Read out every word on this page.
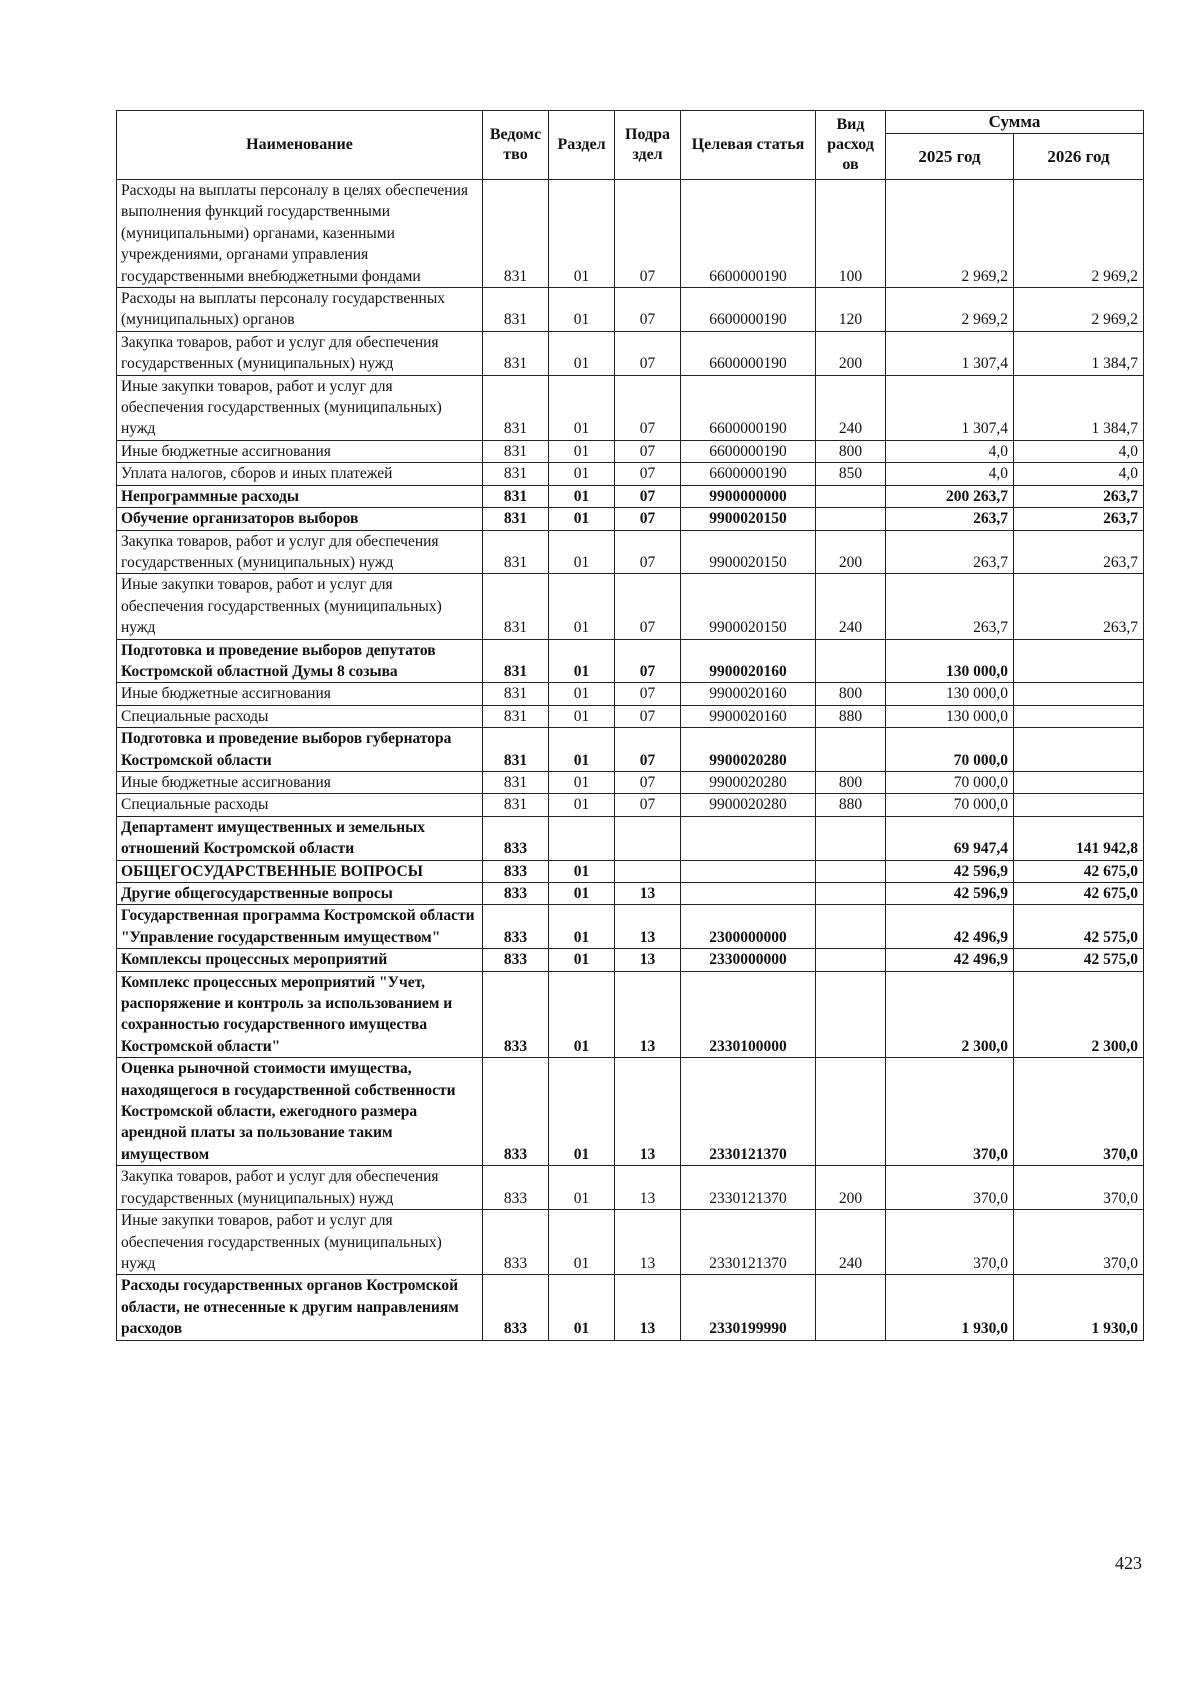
Наименование	Ведомс тво	Раздел	Подра здел	Целевая статья	Вид расход ов	Сумма	
						2025 год	2026 год
Расходы на выплаты персоналу в целях обеспечения выполнения функций государственными (муниципальными) органами, казенными учреждениями, органами управления государственными внебюджетными фондами	831	01	07	6600000190	100	2 969,2	2 969,2
Расходы на выплаты персоналу государственных (муниципальных) органов	831	01	07	6600000190	120	2 969,2	2 969,2
Закупка товаров, работ и услуг для обеспечения государственных (муниципальных) нужд	831	01	07	6600000190	200	1 307,4	1 384,7
Иные закупки товаров, работ и услуг для обеспечения государственных (муниципальных) нужд	831	01	07	6600000190	240	1 307,4	1 384,7
Иные бюджетные ассигнования	831	01	07	6600000190	800	4,0	4,0
Уплата налогов, сборов и иных платежей	831	01	07	6600000190	850	4,0	4,0
Непрограммные расходы	831	01	07	9900000000		200 263,7	263,7
Обучение организаторов выборов	831	01	07	9900020150		263,7	263,7
Закупка товаров, работ и услуг для обеспечения государственных (муниципальных) нужд	831	01	07	9900020150	200	263,7	263,7
Иные закупки товаров, работ и услуг для обеспечения государственных (муниципальных) нужд	831	01	07	9900020150	240	263,7	263,7
Подготовка и проведение выборов депутатов Костромской областной Думы 8 созыва	831	01	07	9900020160		130 000,0	
Иные бюджетные ассигнования	831	01	07	9900020160	800	130 000,0	
Специальные расходы	831	01	07	9900020160	880	130 000,0	
Подготовка и проведение выборов губернатора Костромской области	831	01	07	9900020280		70 000,0	
Иные бюджетные ассигнования	831	01	07	9900020280	800	70 000,0	
Специальные расходы	831	01	07	9900020280	880	70 000,0	
Департамент имущественных и земельных отношений Костромской области	833					69 947,4	141 942,8
ОБЩЕГОСУДАРСТВЕННЫЕ ВОПРОСЫ	833	01				42 596,9	42 675,0
Другие общегосударственные вопросы	833	01	13			42 596,9	42 675,0
Государственная программа Костромской области "Управление государственным имуществом"	833	01	13	2300000000		42 496,9	42 575,0
Комплексы процессных мероприятий	833	01	13	2330000000		42 496,9	42 575,0
Комплекс процессных мероприятий "Учет, распоряжение и контроль за использованием и сохранностью государственного имущества Костромской области"	833	01	13	2330100000		2 300,0	2 300,0
Оценка рыночной стоимости имущества, находящегося в государственной собственности Костромской области, ежегодного размера арендной платы за пользование таким имуществом	833	01	13	2330121370		370,0	370,0
Закупка товаров, работ и услуг для обеспечения государственных (муниципальных) нужд	833	01	13	2330121370	200	370,0	370,0
Иные закупки товаров, работ и услуг для обеспечения государственных (муниципальных) нужд	833	01	13	2330121370	240	370,0	370,0
Расходы государственных органов Костромской области, не отнесенные к другим направлениям расходов	833	01	13	2330199990		1 930,0	1 930,0
423
